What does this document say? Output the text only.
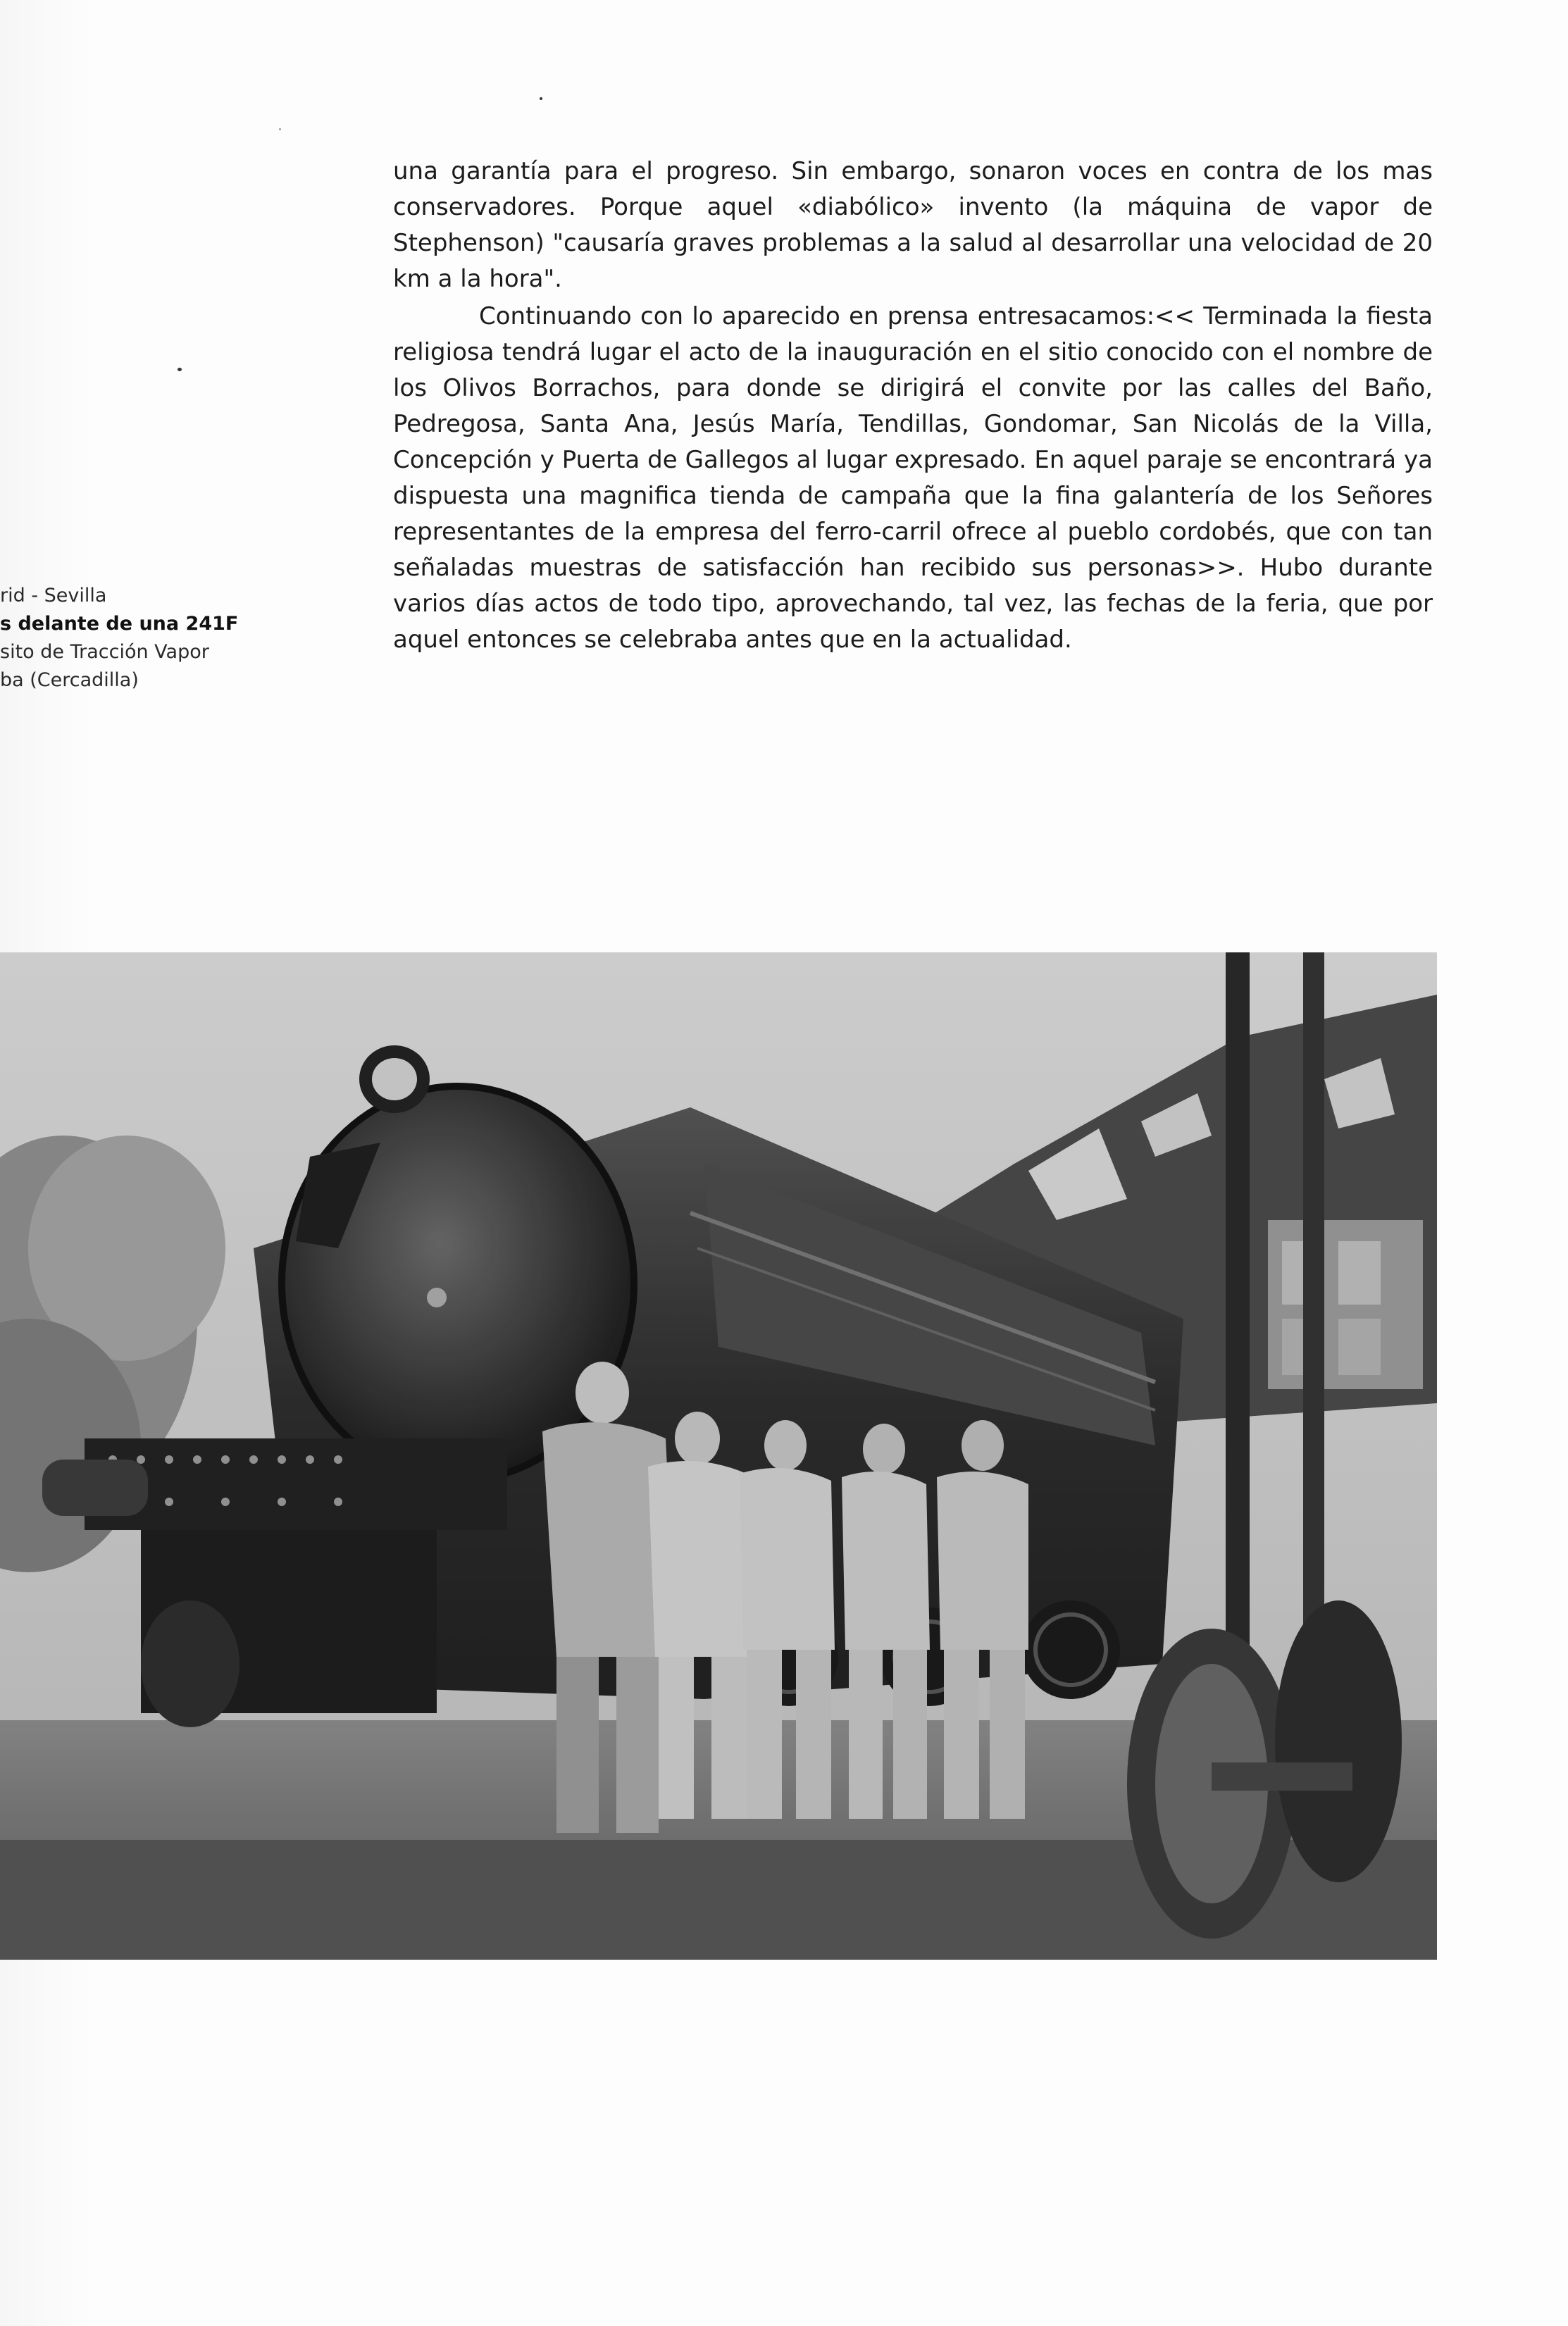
una garantía para el progreso. Sin embargo, sonaron voces en contra de los mas conservadores. Porque aquel «diabólico» invento (la máquina de vapor de Stephenson) "causaría graves problemas a la salud al desarrollar una velocidad de 20 km a la hora".

Continuando con lo aparecido en prensa entresacamos:<< Terminada la fiesta religiosa tendrá lugar el acto de la inauguración en el sitio conocido con el nombre de los Olivos Borrachos, para donde se dirigirá el convite por las calles del Baño, Pedregosa, Santa Ana, Jesús María, Tendillas, Gondomar, San Nicolás de la Villa, Concepción y Puerta de Gallegos al lugar expresado. En aquel paraje se encontrará ya dispuesta una magnifica tienda de campaña que la fina galantería de los Señores representantes de la empresa del ferro-carril ofrece al pueblo cordobés, que con tan señaladas muestras de satisfacción han recibido sus personas>>. Hubo durante varios días actos de todo tipo, aprovechando, tal vez, las fechas de la feria, que por aquel entonces se celebraba antes que en la actualidad.

rid - Sevilla
s delante de una 241F
sito de Tracción Vapor
ba (Cercadilla)
